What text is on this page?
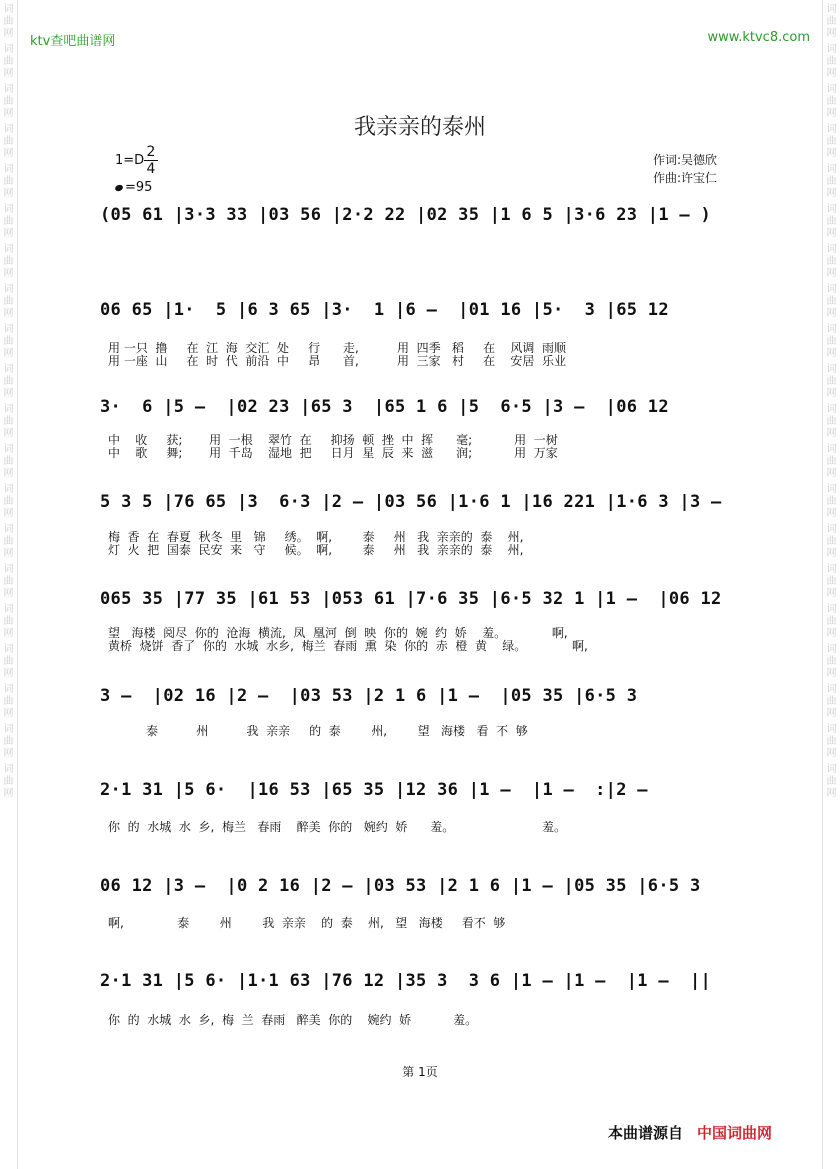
词曲网
词曲网
词曲网
词曲网
词曲网
词曲网
词曲网
词曲网
词曲网
词曲网
词曲网
词曲网
词曲网
词曲网
词曲网
词曲网
词曲网
词曲网
词曲网
词曲网
词曲网
词曲网
词曲网
词曲网
词曲网
词曲网
词曲网
词曲网
词曲网
词曲网
词曲网
词曲网
词曲网
词曲网
词曲网
词曲网
词曲网
词曲网
词曲网
词曲网
ktv查吧曲谱网	www.ktvc8.com
我亲亲的泰州
1=D
2
4
=95
作词:吴德欣
作曲:许宝仁
(05 61 |3·3 33 |03 56 |2·2 22 |02 35 |1 6 5 |3·6 23 |1 – )
06 65 |1·  5 |6 3 65 |3·  1 |6 –  |01 16 |5·  3 |65 12
用 一只  撸     在  江  海  交汇  处     行      走,          用  四季   稻     在    风调  雨顺
用 一座  山     在  时  代  前沿  中     昂      首,          用  三家   村     在    安居  乐业
3·  6 |5 –  |02 23 |65 3  |65 1 6 |5  6·5 |3 –  |06 12
中    收     获;       用  一根    翠竹  在     抑扬  顿  挫  中  挥      毫;           用  一树
中    歌     舞;       用  千岛    湿地  把     日月  星  辰  来  滋      润;           用  万家
5 3 5 |76 65 |3  6·3 |2 – |03 56 |1·6 1 |16 221 |1·6 3 |3 –
梅  香  在  春夏  秋冬  里   锦     绣。  啊,        泰     州   我  亲亲的  泰    州,
灯  火  把  国泰  民安  来   守     候。  啊,        泰     州   我  亲亲的  泰    州,
065 35 |77 35 |61 53 |053 61 |7·6 35 |6·5 32 1 |1 –  |06 12
望   海楼  阅尽  你的  沧海  横流,  凤  凰河  倒  映  你的  婉  约  娇    羞。            啊,
黄桥  烧饼  香了  你的  水城  水乡,  梅兰  春雨  熏  染  你的  赤  橙  黄    绿。            啊,
3 –  |02 16 |2 –  |03 53 |2 1 6 |1 –  |05 35 |6·5 3
泰          州          我  亲亲     的  泰        州,        望   海楼   看  不  够
2·1 31 |5 6·  |16 53 |65 35 |12 36 |1 –  |1 –  :|2 –
你  的  水城  水  乡,  梅兰   春雨    醉美  你的   婉约  娇      羞。                       羞。
06 12 |3 –  |0 2 16 |2 – |03 53 |2 1 6 |1 – |05 35 |6·5 3
啊,              泰        州        我  亲亲    的  泰    州,   望   海楼     看不  够
2·1 31 |5 6· |1·1 63 |76 12 |35 3  3 6 |1 – |1 –  |1 –  ||
你  的  水城  水  乡,  梅  兰  春雨   醉美  你的    婉约  娇           羞。
第 1页
本曲谱源自 中国词曲网
